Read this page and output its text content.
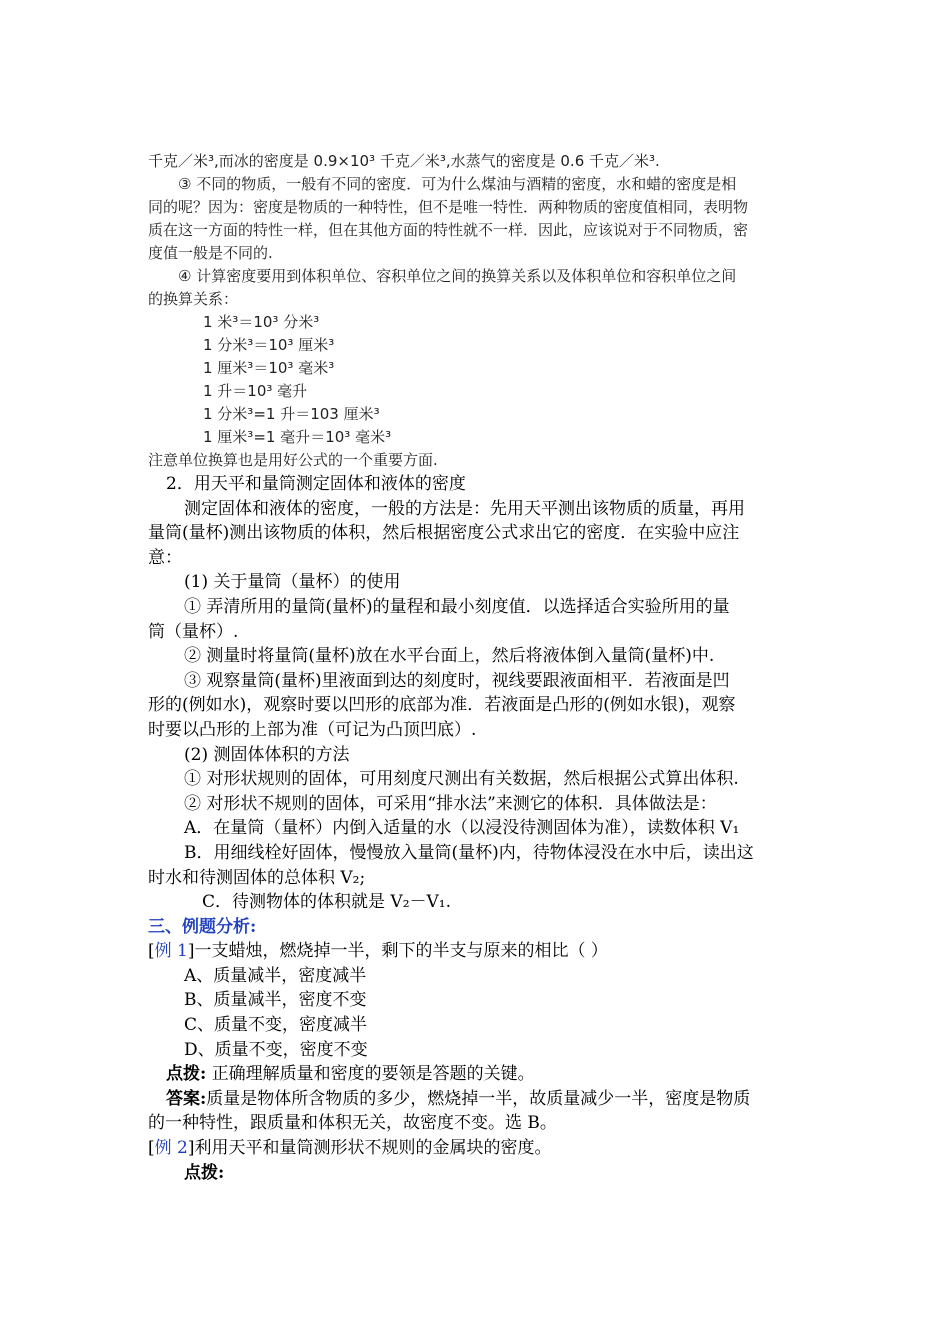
千克／米³,而冰的密度是 0.9×10³ 千克／米³,水蒸气的密度是 0.6 千克／米³.
③ 不同的物质，一般有不同的密度．可为什么煤油与酒精的密度，水和蜡的密度是相
同的呢？因为：密度是物质的一种特性，但不是唯一特性．两种物质的密度值相同，表明物
质在这一方面的特性一样，但在其他方面的特性就不一样．因此，应该说对于不同物质，密
度值一般是不同的.
④ 计算密度要用到体积单位、容积单位之间的换算关系以及体积单位和容积单位之间
的换算关系：
1 米³＝10³ 分米³
1 分米³＝10³ 厘米³
1 厘米³＝10³ 毫米³
1 升＝10³ 毫升
1 分米³=1 升＝103 厘米³
1 厘米³=1 毫升＝10³ 毫米³
注意单位换算也是用好公式的一个重要方面.
2．用天平和量筒测定固体和液体的密度
测定固体和液体的密度，一般的方法是：先用天平测出该物质的质量，再用
量筒(量杯)测出该物质的体积，然后根据密度公式求出它的密度．在实验中应注
意：
(1) 关于量筒（量杯）的使用
① 弄清所用的量筒(量杯)的量程和最小刻度值．以选择适合实验所用的量
筒（量杯）.
② 测量时将量筒(量杯)放在水平台面上，然后将液体倒入量筒(量杯)中.
③ 观察量筒(量杯)里液面到达的刻度时，视线要跟液面相平．若液面是凹
形的(例如水)，观察时要以凹形的底部为准．若液面是凸形的(例如水银)，观察
时要以凸形的上部为准（可记为凸顶凹底）.
(2) 测固体体积的方法
① 对形状规则的固体，可用刻度尺测出有关数据，然后根据公式算出体积.
② 对形状不规则的固体，可采用“排水法”来测它的体积．具体做法是：
A．在量筒（量杯）内倒入适量的水（以浸没待测固体为准），读数体积 V₁
B．用细线栓好固体，慢慢放入量筒(量杯)内，待物体浸没在水中后，读出这
时水和待测固体的总体积 V₂;
C．待测物体的体积就是 V₂－V₁.
三、例题分析:
[例 1]一支蜡烛，燃烧掉一半，剩下的半支与原来的相比（ ）
A、质量减半，密度减半
B、质量减半，密度不变
C、质量不变，密度减半
D、质量不变，密度不变
点拨: 正确理解质量和密度的要领是答题的关键。
答案:质量是物体所含物质的多少，燃烧掉一半，故质量减少一半，密度是物质
的一种特性，跟质量和体积无关，故密度不变。选 B。
[例 2]利用天平和量筒测形状不规则的金属块的密度。
点拨:
